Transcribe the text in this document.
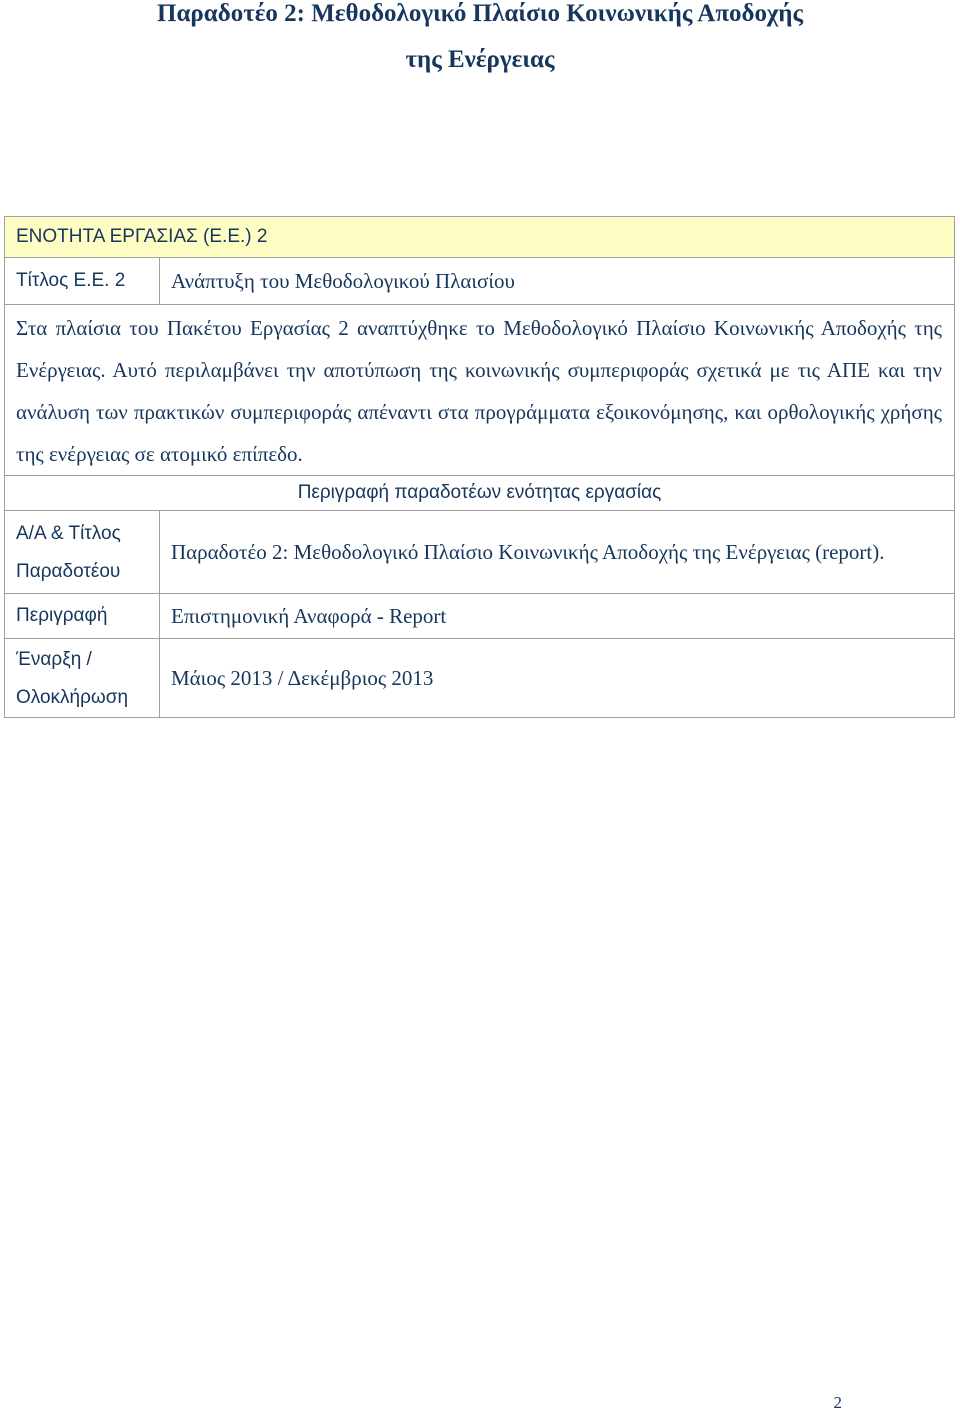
Παραδοτέο 2: Μεθοδολογικό Πλαίσιο Κοινωνικής Αποδοχής
της Ενέργειας
ΕΝΟΤΗΤΑ ΕΡΓΑΣΙΑΣ (Ε.Ε.) 2	
Τίτλος Ε.Ε. 2	Ανάπτυξη του Μεθοδολογικού Πλαισίου
Στα πλαίσια του Πακέτου Εργασίας 2 αναπτύχθηκε το Μεθοδολογικό Πλαίσιο Κοινωνικής Αποδοχής της Ενέργειας. Αυτό περιλαμβάνει την αποτύπωση της κοινωνικής συμπεριφοράς σχετικά με τις ΑΠΕ και την ανάλυση των πρακτικών συμπεριφοράς απέναντι στα προγράμματα εξοικονόμησης, και ορθολογικής χρήσης της ενέργειας σε ατομικό επίπεδο.	
Περιγραφή παραδοτέων ενότητας εργασίας	

Α/Α & Τίτλος
Παραδοτέου	Παραδοτέο 2: Μεθοδολογικό Πλαίσιο Κοινωνικής Αποδοχής της Ενέργειας (report).
Περιγραφή	Επιστημονική Αναφορά - Report

Έναρξη /
Ολοκλήρωση	Μάιος 2013 / Δεκέμβριος 2013
2
